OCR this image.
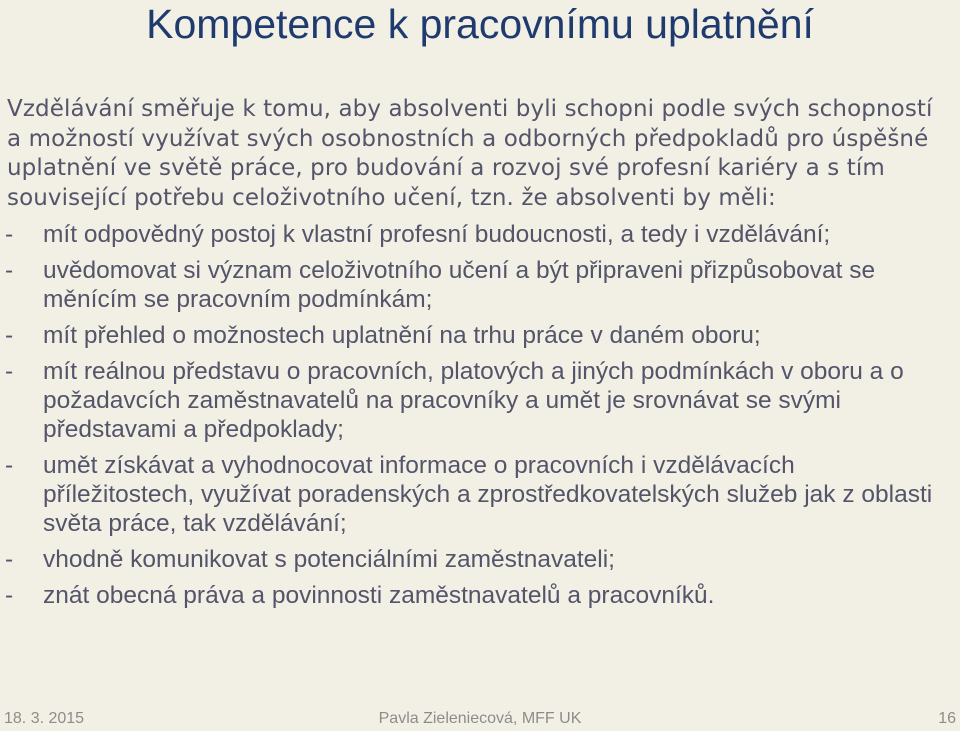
Kompetence k pracovnímu uplatnění

Vzdělávání směřuje k tomu, aby absolventi byli schopni podle svých schopností a možností využívat svých osobnostních a odborných předpokladů pro úspěšné uplatnění ve světě práce, pro budování a rozvoj své profesní kariéry a s tím související potřebu celoživotního učení, tzn. že absolventi by měli:

- mít odpovědný postoj k vlastní profesní budoucnosti, a tedy i vzdělávání;
- uvědomovat si význam celoživotního učení a být připraveni přizpůsobovat se měnícím se pracovním podmínkám;
- mít přehled o možnostech uplatnění na trhu práce v daném oboru;
- mít reálnou představu o pracovních, platových a jiných podmínkách v oboru a o požadavcích zaměstnavatelů na pracovníky a umět je srovnávat se svými představami a předpoklady;
- umět získávat a vyhodnocovat informace o pracovních i vzdělávacích příležitostech, využívat poradenských a zprostředkovatelských služeb jak z oblasti světa práce, tak vzdělávání;
- vhodně komunikovat s potenciálními zaměstnavateli;
- znát obecná práva a povinnosti zaměstnavatelů a pracovníků.
Pavla Zieleniecová, MFF UK
18. 3. 2015	16
